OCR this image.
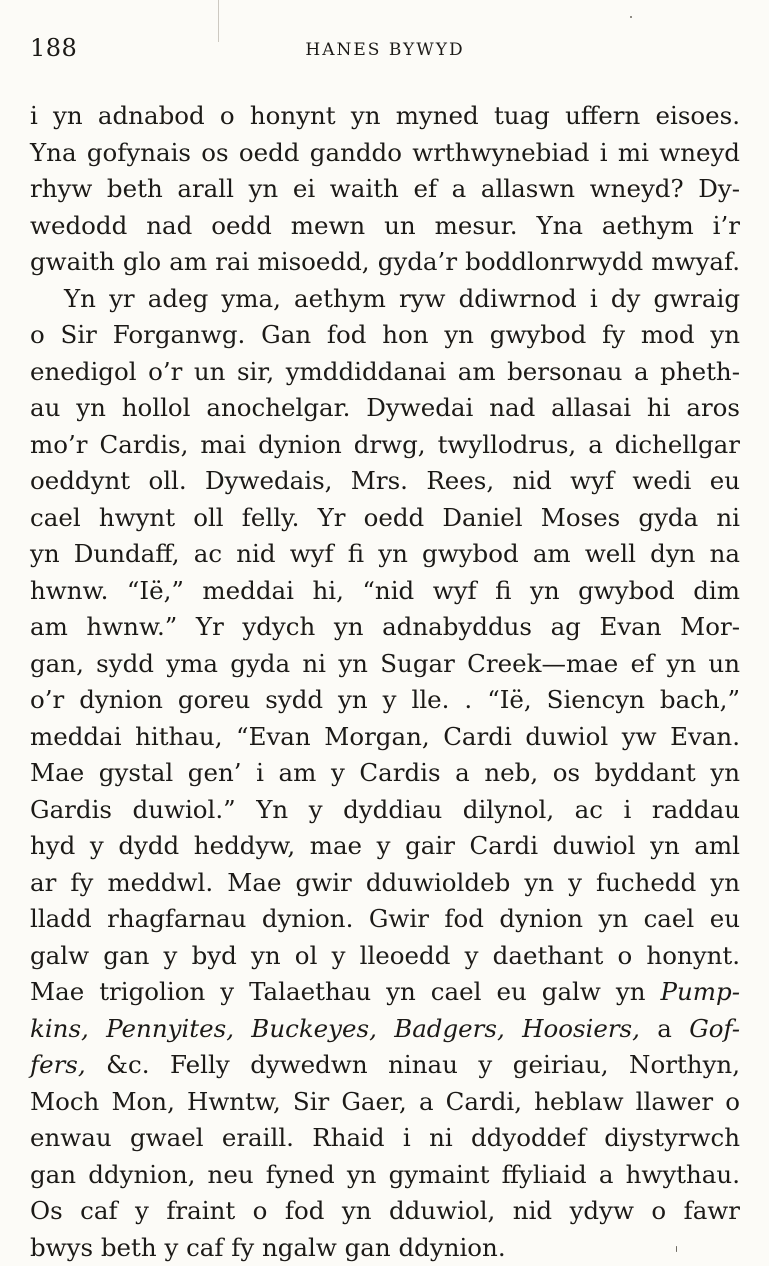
188	HANES BYWYD
i yn adnabod o honynt yn myned tuag uffern eisoes.
Yna gofynais os oedd ganddo wrthwynebiad i mi wneyd
rhyw beth arall yn ei waith ef a allaswn wneyd? Dy-
wedodd nad oedd mewn un mesur. Yna aethym i’r
gwaith glo am rai misoedd, gyda’r boddlonrwydd mwyaf.
Yn yr adeg yma, aethym ryw ddiwrnod i dy gwraig
o Sir Forganwg. Gan fod hon yn gwybod fy mod yn
enedigol o’r un sir, ymddiddanai am bersonau a pheth-
au yn hollol anochelgar. Dywedai nad allasai hi aros
mo’r Cardis, mai dynion drwg, twyllodrus, a dichellgar
oeddynt oll. Dywedais, Mrs. Rees, nid wyf wedi eu
cael hwynt oll felly. Yr oedd Daniel Moses gyda ni
yn Dundaff, ac nid wyf fi yn gwybod am well dyn na
hwnw. “Ië,” meddai hi, “nid wyf fi yn gwybod dim
am hwnw.” Yr ydych yn adnabyddus ag Evan Mor-
gan, sydd yma gyda ni yn Sugar Creek—mae ef yn un
o’r dynion goreu sydd yn y lle. . “Ië, Siencyn bach,”
meddai hithau, “Evan Morgan, Cardi duwiol yw Evan.
Mae gystal gen’ i am y Cardis a neb, os byddant yn
Gardis duwiol.” Yn y dyddiau dilynol, ac i raddau
hyd y dydd heddyw, mae y gair Cardi duwiol yn aml
ar fy meddwl. Mae gwir dduwioldeb yn y fuchedd yn
lladd rhagfarnau dynion. Gwir fod dynion yn cael eu
galw gan y byd yn ol y lleoedd y daethant o honynt.
Mae trigolion y Talaethau yn cael eu galw yn Pump-
kins, Pennyites, Buckeyes, Badgers, Hoosiers, a Gof-
fers, &c. Felly dywedwn ninau y geiriau, Northyn,
Moch Mon, Hwntw, Sir Gaer, a Cardi, heblaw llawer o
enwau gwael eraill. Rhaid i ni ddyoddef diystyrwch
gan ddynion, neu fyned yn gymaint ffyliaid a hwythau.
Os caf y fraint o fod yn dduwiol, nid ydyw o fawr
bwys beth y caf fy ngalw gan ddynion.
